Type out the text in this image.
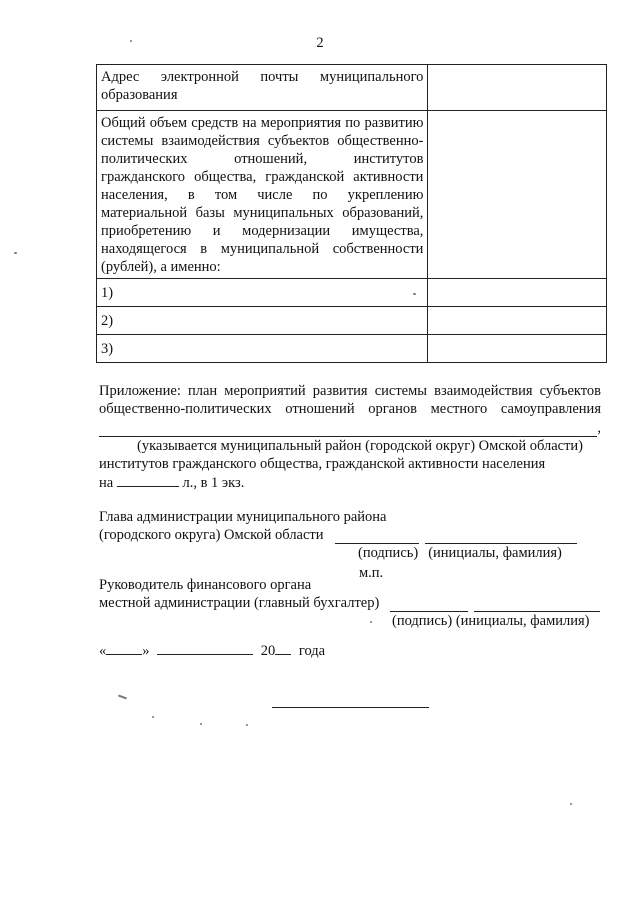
2
Адрес электронной почты муниципального образования	
Общий объем средств на мероприятия по развитию системы взаимодействия субъектов общественно-политических отношений, институтов гражданского общества, гражданской активности населения, в том числе по укреплению материальной базы муниципальных образований, приобретению и модернизации имущества, находящегося в муниципальной собственности (рублей), а именно:	
1)	
2)	
3)	
Приложение: план мероприятий развития системы взаимодействия субъектов
общественно-политических отношений органов местного самоуправления
,
(указывается муниципальный район (городской округ) Омской области)
институтов гражданского общества, гражданской активности населения
на	л., в 1 экз.
Глава администрации муниципального района
(городского округа) Омской области
(подпись) (инициалы, фамилия)
м.п.
Руководитель финансового органа
местной администрации (главный бухгалтер)
(подпись) (инициалы, фамилия)
« »	20 года
